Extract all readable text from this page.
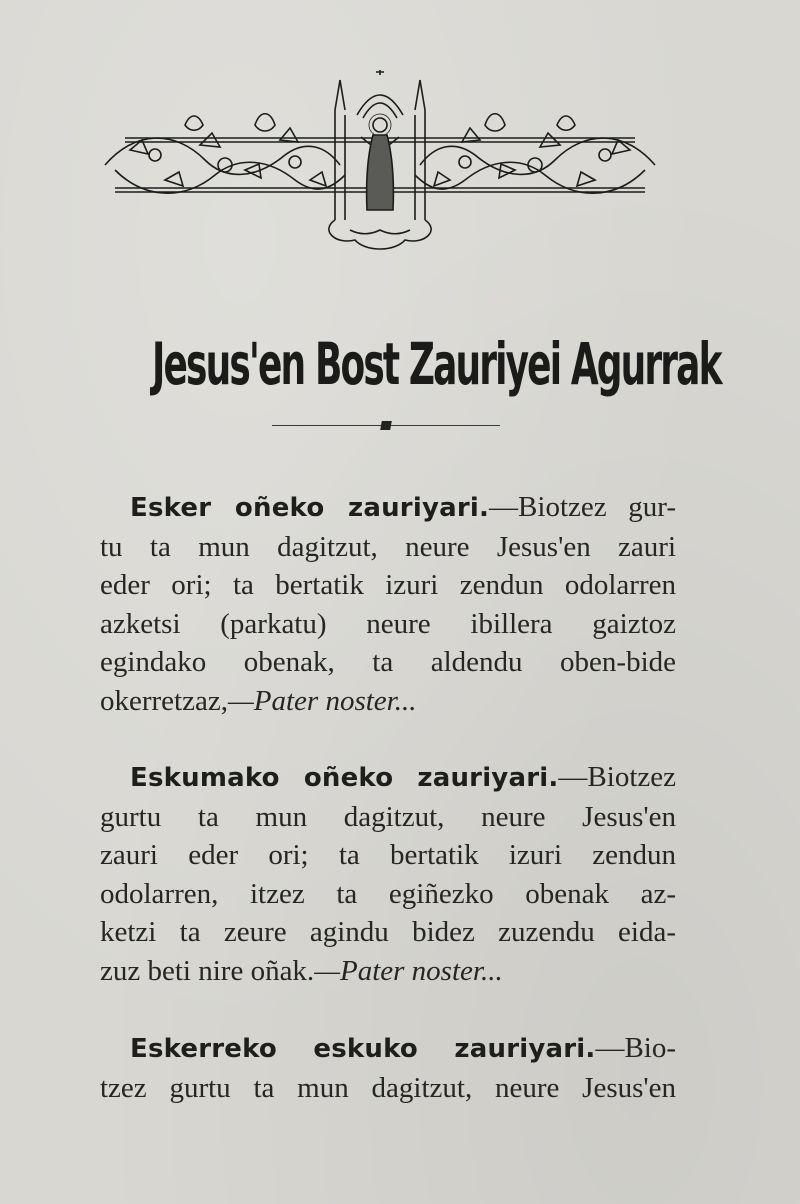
Jesus'en Bost Zauriyei Agurrak
Esker oñeko zauriyari.—Biotzez gur-
tu ta mun dagitzut, neure Jesus'en zauri
eder ori; ta bertatik izuri zendun odolarren
azketsi (parkatu) neure ibillera gaiztoz
egindako obenak, ta aldendu oben-bide
okerretzaz,—Pater noster...
Eskumako oñeko zauriyari.—Biotzez
gurtu ta mun dagitzut, neure Jesus'en
zauri eder ori; ta bertatik izuri zendun
odolarren, itzez ta egiñezko obenak az-
ketzi ta zeure agindu bidez zuzendu eida-
zuz beti nire oñak.—Pater noster...
Eskerreko eskuko zauriyari.—Bio-
tzez gurtu ta mun dagitzut, neure Jesus'en
